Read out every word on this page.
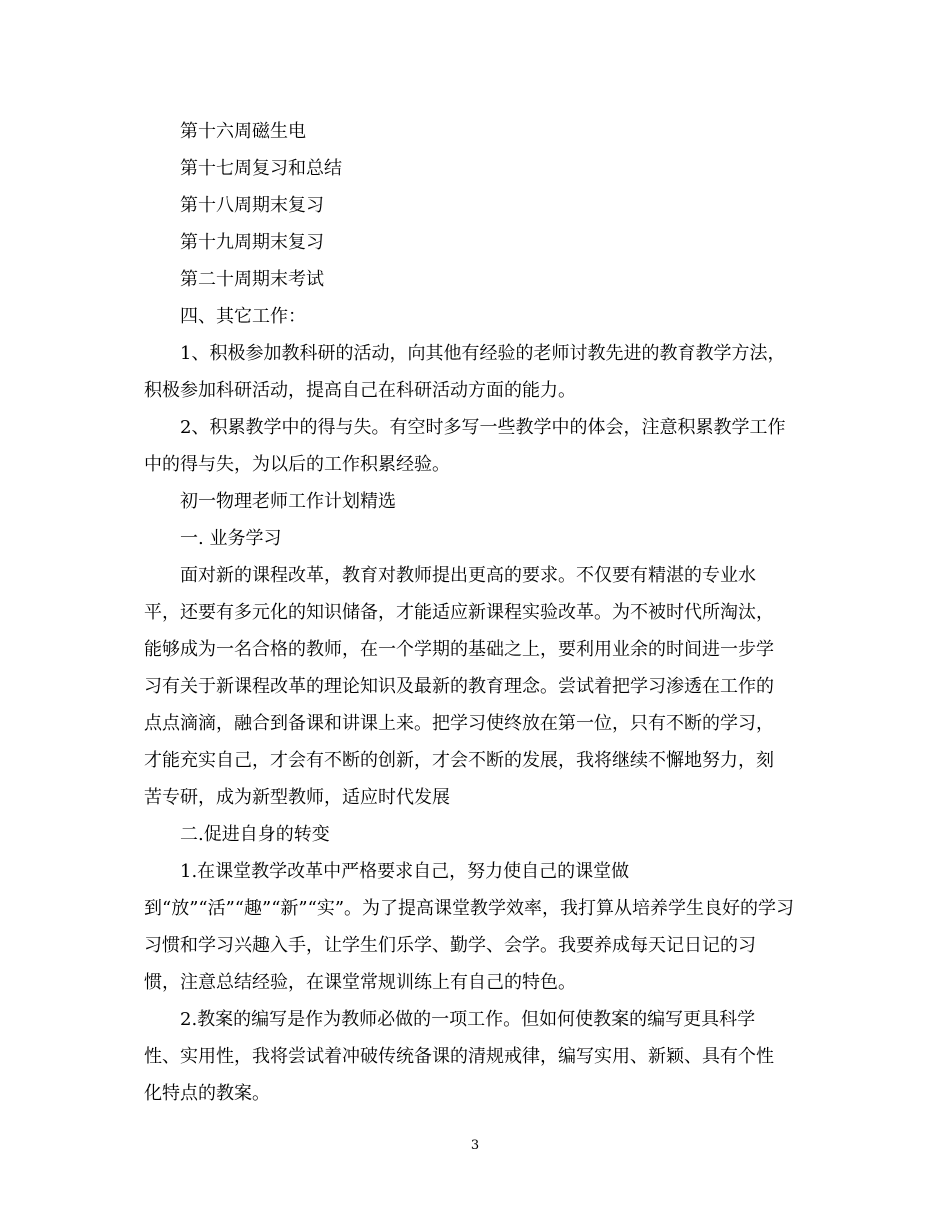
第十六周磁生电
第十七周复习和总结
第十八周期末复习
第十九周期末复习
第二十周期末考试
四、其它工作：
1、积极参加教科研的活动，向其他有经验的老师讨教先进的教育教学方法，
积极参加科研活动，提高自己在科研活动方面的能力。
2、积累教学中的得与失。有空时多写一些教学中的体会，注意积累教学工作
中的得与失，为以后的工作积累经验。
初一物理老师工作计划精选
一. 业务学习
面对新的课程改革，教育对教师提出更高的要求。不仅要有精湛的专业水
平，还要有多元化的知识储备，才能适应新课程实验改革。为不被时代所淘汰，
能够成为一名合格的教师，在一个学期的基础之上，要利用业余的时间进一步学
习有关于新课程改革的理论知识及最新的教育理念。尝试着把学习渗透在工作的
点点滴滴，融合到备课和讲课上来。把学习使终放在第一位，只有不断的学习，
才能充实自己，才会有不断的创新，才会不断的发展，我将继续不懈地努力，刻
苦专研，成为新型教师，适应时代发展
二.促进自身的转变
1.在课堂教学改革中严格要求自己，努力使自己的课堂做
到“放”“活”“趣”“新”“实”。为了提高课堂教学效率，我打算从培养学生良好的学习
习惯和学习兴趣入手，让学生们乐学、勤学、会学。我要养成每天记日记的习
惯，注意总结经验，在课堂常规训练上有自己的特色。
2.教案的编写是作为教师必做的一项工作。但如何使教案的编写更具科学
性、实用性，我将尝试着冲破传统备课的清规戒律，编写实用、新颖、具有个性
化特点的教案。
3
